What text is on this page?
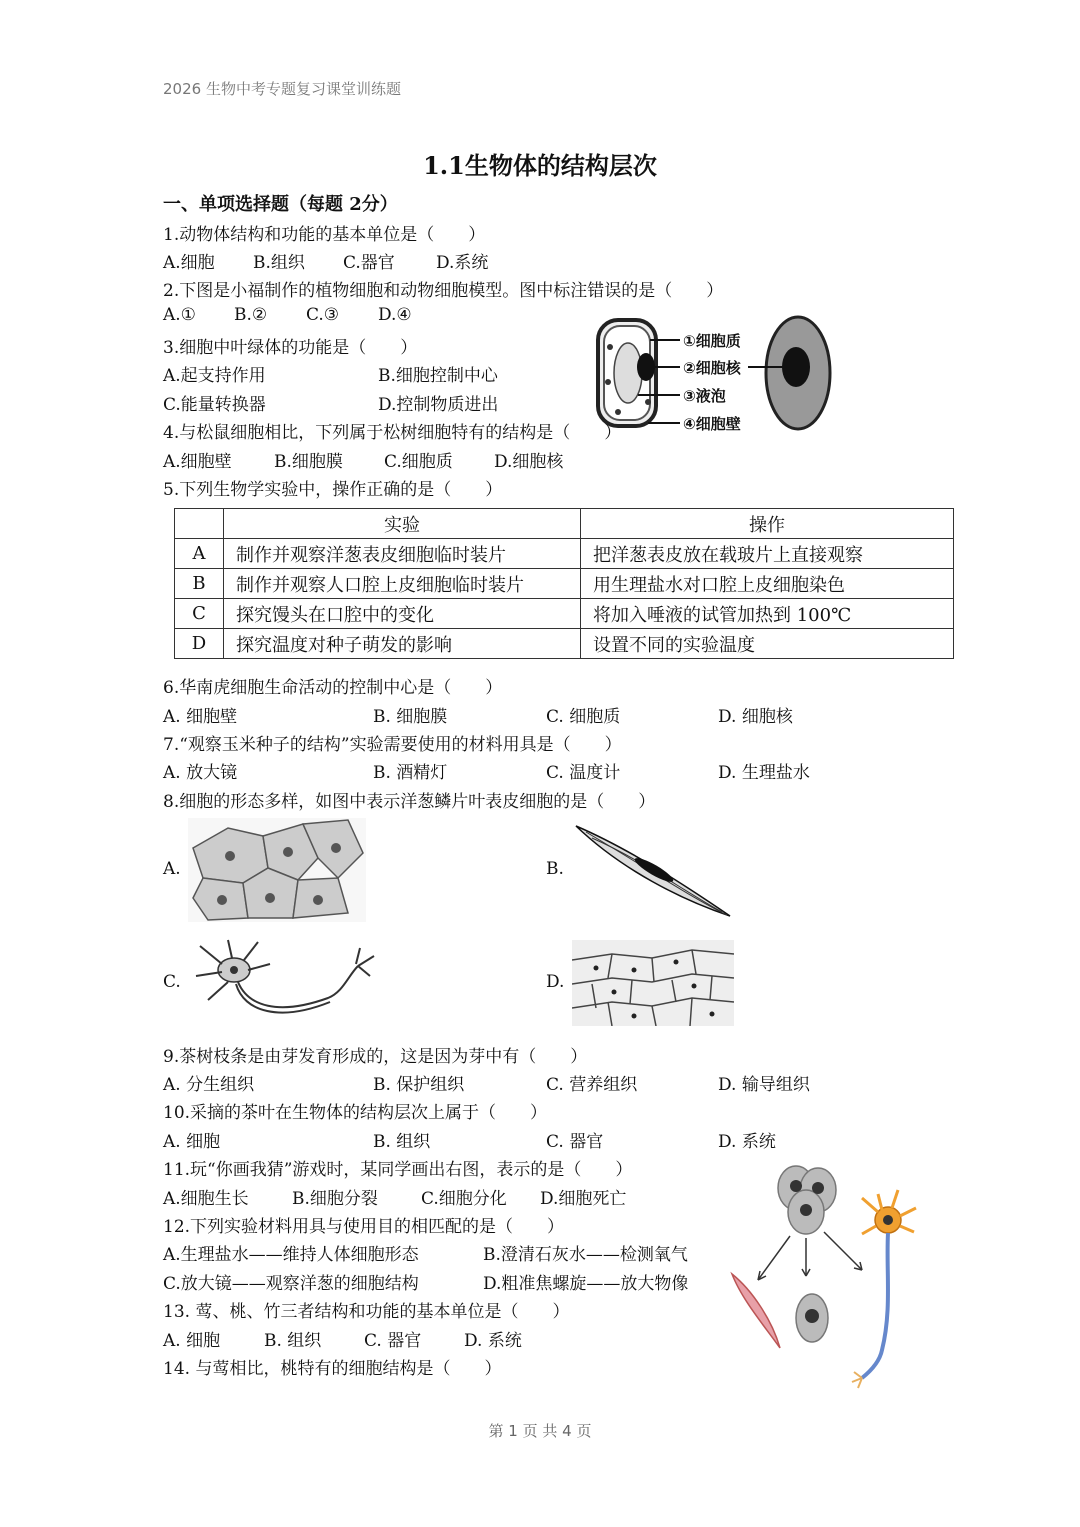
2026 生物中考专题复习课堂训练题
1.1生物体的结构层次
一、单项选择题（每题 2分）
1.动物体结构和功能的基本单位是（　　）
A.细胞 B.组织 C.器官 D.系统
2.下图是小福制作的植物细胞和动物细胞模型。图中标注错误的是（　　）
A.① B.② C.③ D.④
①细胞质
②细胞核
③液泡
④细胞壁
3.细胞中叶绿体的功能是（　　）
A.起支持作用	B.细胞控制中心
C.能量转换器	D.控制物质进出
4.与松鼠细胞相比，下列属于松树细胞特有的结构是（　　）
A.细胞壁 B.细胞膜 C.细胞质 D.细胞核
5.下列生物学实验中，操作正确的是（　　）
	实验	操作
A	制作并观察洋葱表皮细胞临时装片	把洋葱表皮放在载玻片上直接观察
B	制作并观察人口腔上皮细胞临时装片	用生理盐水对口腔上皮细胞染色
C	探究馒头在口腔中的变化	将加入唾液的试管加热到 100℃
D	探究温度对种子萌发的影响	设置不同的实验温度
6.华南虎细胞生命活动的控制中心是（　　）
A. 细胞壁	B. 细胞膜	C. 细胞质	D. 细胞核
7.“观察玉米种子的结构”实验需要使用的材料用具是（　　）
A. 放大镜	B. 酒精灯	C. 温度计	D. 生理盐水
8.细胞的形态多样，如图中表示洋葱鳞片叶表皮细胞的是（　　）
A.	B.
C.	D.
9.茶树枝条是由芽发育形成的，这是因为芽中有（　　）
A. 分生组织	B. 保护组织	C. 营养组织	D. 输导组织
10.采摘的茶叶在生物体的结构层次上属于（　　）
A. 细胞	B. 组织	C. 器官	D. 系统
11.玩“你画我猜”游戏时，某同学画出右图，表示的是（　　）
A.细胞生长	B.细胞分裂	C.细胞分化 D.细胞死亡
12.下列实验材料用具与使用目的相匹配的是（　　）
A.生理盐水——维持人体细胞形态	B.澄清石灰水——检测氧气
C.放大镜——观察洋葱的细胞结构	D.粗准焦螺旋——放大物像
13. 莺、桃、竹三者结构和功能的基本单位是（　　）
A. 细胞	B. 组织	C. 器官	D. 系统
14. 与莺相比，桃特有的细胞结构是（　　）
第 1 页 共 4 页
